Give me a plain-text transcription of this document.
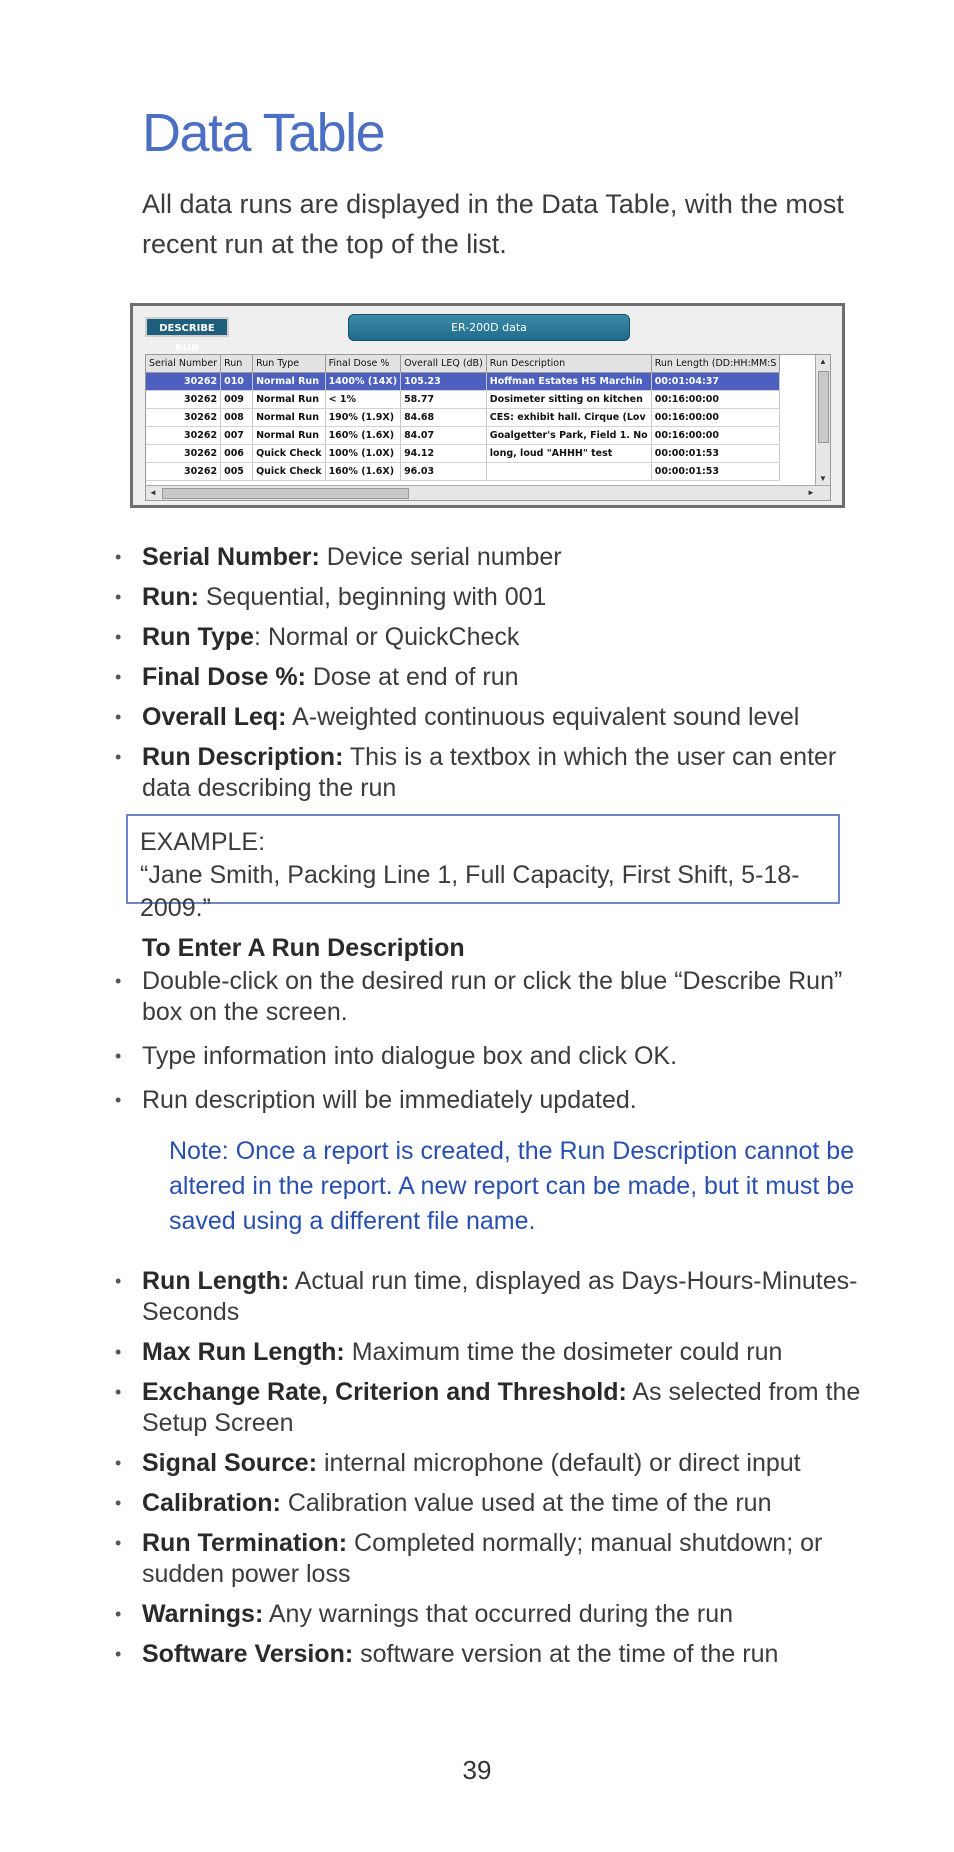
Data Table

All data runs are displayed in the Data Table, with the most recent run at the top of the list.

DESCRIBE RUN
ER-200D data
Serial Number	Run	Run Type	Final Dose %	Overall LEQ (dB)	Run Description	Run Length (DD:HH:MM:S
30262	010	Normal Run	1400% (14X)	105.23	Hoffman Estates HS Marchin	00:01:04:37
30262	009	Normal Run	< 1%	58.77	Dosimeter sitting on kitchen	00:16:00:00
30262	008	Normal Run	190% (1.9X)	84.68	CES: exhibit hall. Cirque (Lov	00:16:00:00
30262	007	Normal Run	160% (1.6X)	84.07	Goalgetter's Park, Field 1. No	00:16:00:00
30262	006	Quick Check	100% (1.0X)	94.12	long, loud "AHHH" test	00:00:01:53
30262	005	Quick Check	160% (1.6X)	96.03		00:00:01:53
▲
▼
◄	►
• Serial Number: Device serial number
• Run: Sequential, beginning with 001
• Run Type: Normal or QuickCheck
• Final Dose %: Dose at end of run
• Overall Leq: A-weighted continuous equivalent sound level
• Run Description: This is a textbox in which the user can enter data describing the run
EXAMPLE:
“Jane Smith, Packing Line 1, Full Capacity, First Shift, 5-18-2009.”
To Enter A Run Description
• Double-click on the desired run or click the blue “Describe Run” box on the screen.
• Type information into dialogue box and click OK.
• Run description will be immediately updated.

Note: Once a report is created, the Run Description cannot be altered in the report. A new report can be made, but it must be saved using a different file name.

• Run Length: Actual run time, displayed as Days-Hours-Minutes-Seconds
• Max Run Length: Maximum time the dosimeter could run
• Exchange Rate, Criterion and Threshold: As selected from the Setup Screen
• Signal Source: internal microphone (default) or direct input
• Calibration: Calibration value used at the time of the run
• Run Termination: Completed normally; manual shutdown; or sudden power loss
• Warnings: Any warnings that occurred during the run
• Software Version: software version at the time of the run
39
